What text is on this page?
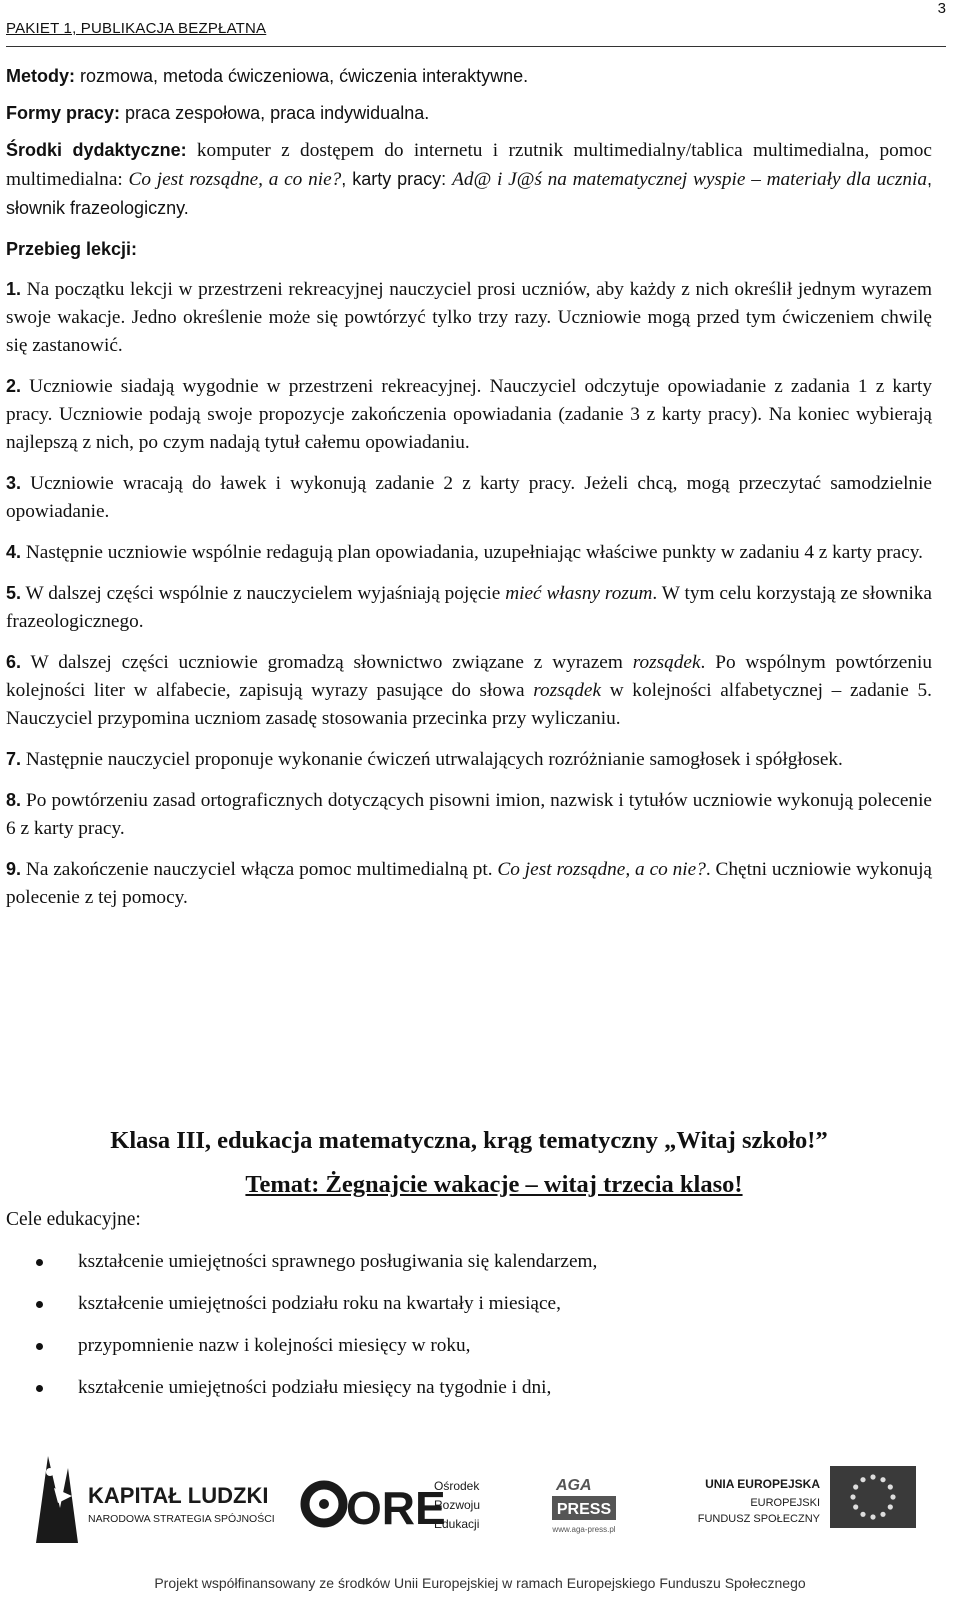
PAKIET 1, PUBLIKACJA BEZPŁATNA
3

Metody: rozmowa, metoda ćwiczeniowa, ćwiczenia interaktywne.

Formy pracy: praca zespołowa, praca indywidualna.

Środki dydaktyczne: komputer z dostępem do internetu i rzutnik multimedialny/tablica multimedialna, pomoc multimedialna: Co jest rozsądne, a co nie?, karty pracy: Ad@ i J@ś na matematycznej wyspie – materiały dla ucznia, słownik frazeologiczny.

Przebieg lekcji:

1. Na początku lekcji w przestrzeni rekreacyjnej nauczyciel prosi uczniów, aby każdy z nich określił jednym wyrazem swoje wakacje. Jedno określenie może się powtórzyć tylko trzy razy. Uczniowie mogą przed tym ćwiczeniem chwilę się zastanowić.

2. Uczniowie siadają wygodnie w przestrzeni rekreacyjnej. Nauczyciel odczytuje opowiadanie z zadania 1 z karty pracy. Uczniowie podają swoje propozycje zakończenia opowiadania (zadanie 3 z karty pracy). Na koniec wybierają najlepszą z nich, po czym nadają tytuł całemu opowiadaniu.

3. Uczniowie wracają do ławek i wykonują zadanie 2 z karty pracy. Jeżeli chcą, mogą przeczytać samodzielnie opowiadanie.

4. Następnie uczniowie wspólnie redagują plan opowiadania, uzupełniając właściwe punkty w zadaniu 4 z karty pracy.

5. W dalszej części wspólnie z nauczycielem wyjaśniają pojęcie mieć własny rozum. W tym celu korzystają ze słownika frazeologicznego.

6. W dalszej części uczniowie gromadzą słownictwo związane z wyrazem rozsądek. Po wspólnym powtórzeniu kolejności liter w alfabecie, zapisują wyrazy pasujące do słowa rozsądek w kolejności alfabetycznej – zadanie 5. Nauczyciel przypomina uczniom zasadę stosowania przecinka przy wyliczaniu.

7. Następnie nauczyciel proponuje wykonanie ćwiczeń utrwalających rozróżnianie samogłosek i spółgłosek.

8. Po powtórzeniu zasad ortograficznych dotyczących pisowni imion, nazwisk i tytułów uczniowie wykonują polecenie 6 z karty pracy.

9. Na zakończenie nauczyciel włącza pomoc multimedialną pt. Co jest rozsądne, a co nie?. Chętni uczniowie wykonują polecenie z tej pomocy.

Klasa III, edukacja matematyczna, krąg tematyczny „Witaj szkoło!”

Temat: Żegnajcie wakacje – witaj trzecia klaso!

Cele edukacyjne:

kształcenie umiejętności sprawnego posługiwania się kalendarzem,
kształcenie umiejętności podziału roku na kwartały i miesiące,
przypomnienie nazw i kolejności miesięcy w roku,
kształcenie umiejętności podziału miesięcy na tygodnie i dni,
KAPITAŁ LUDZKI
NARODOWA STRATEGIA SPÓJNOŚCI ORE
Ośrodek
Rozwoju
Edukacji
AGA
PRESS
www.aga-press.pl
UNIA EUROPEJSKA
EUROPEJSKI
FUNDUSZ SPOŁECZNY
Projekt współfinansowany ze środków Unii Europejskiej w ramach Europejskiego Funduszu Społecznego
